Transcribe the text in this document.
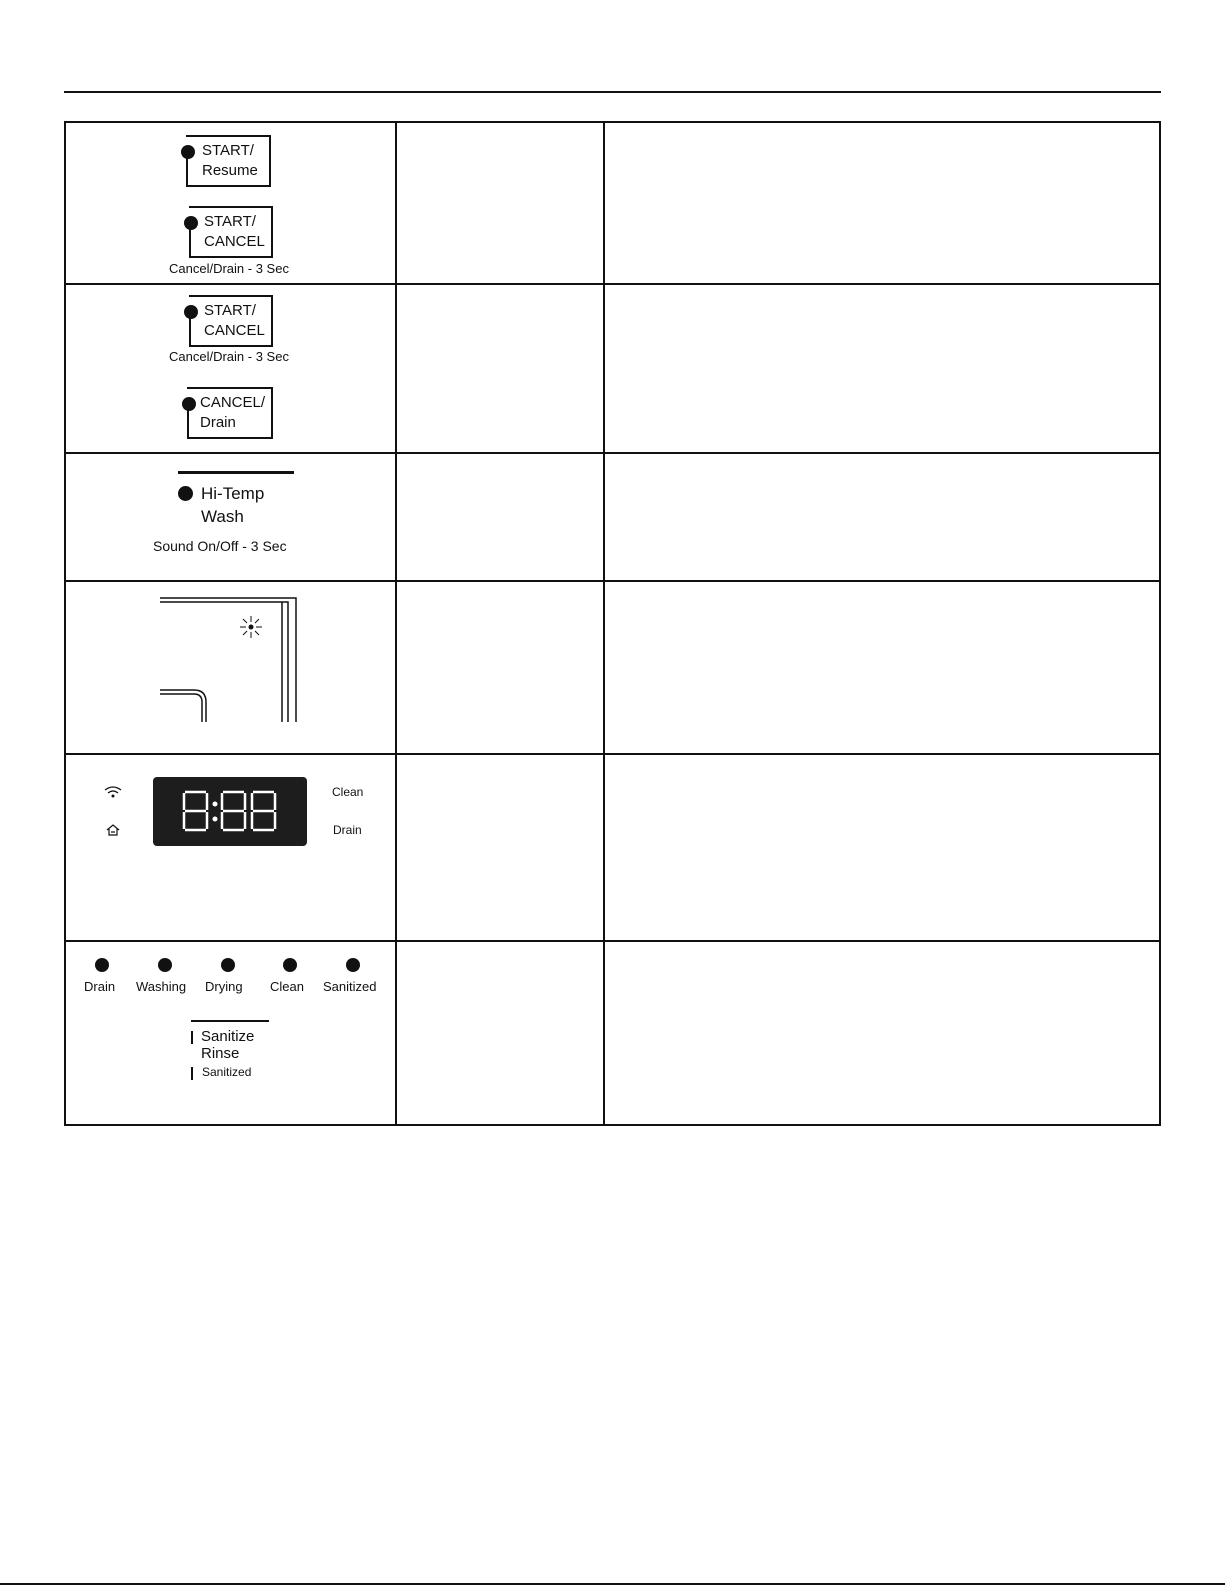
START/
Resume
START/
CANCEL
Cancel/Drain - 3 Sec
START/
CANCEL
Cancel/Drain - 3 Sec
CANCEL/
Drain
Hi-Temp
Wash
Sound On/Off - 3 Sec
Clean
Drain
Drain Washing Drying Clean Sanitized
Sanitize
Rinse
Sanitized
